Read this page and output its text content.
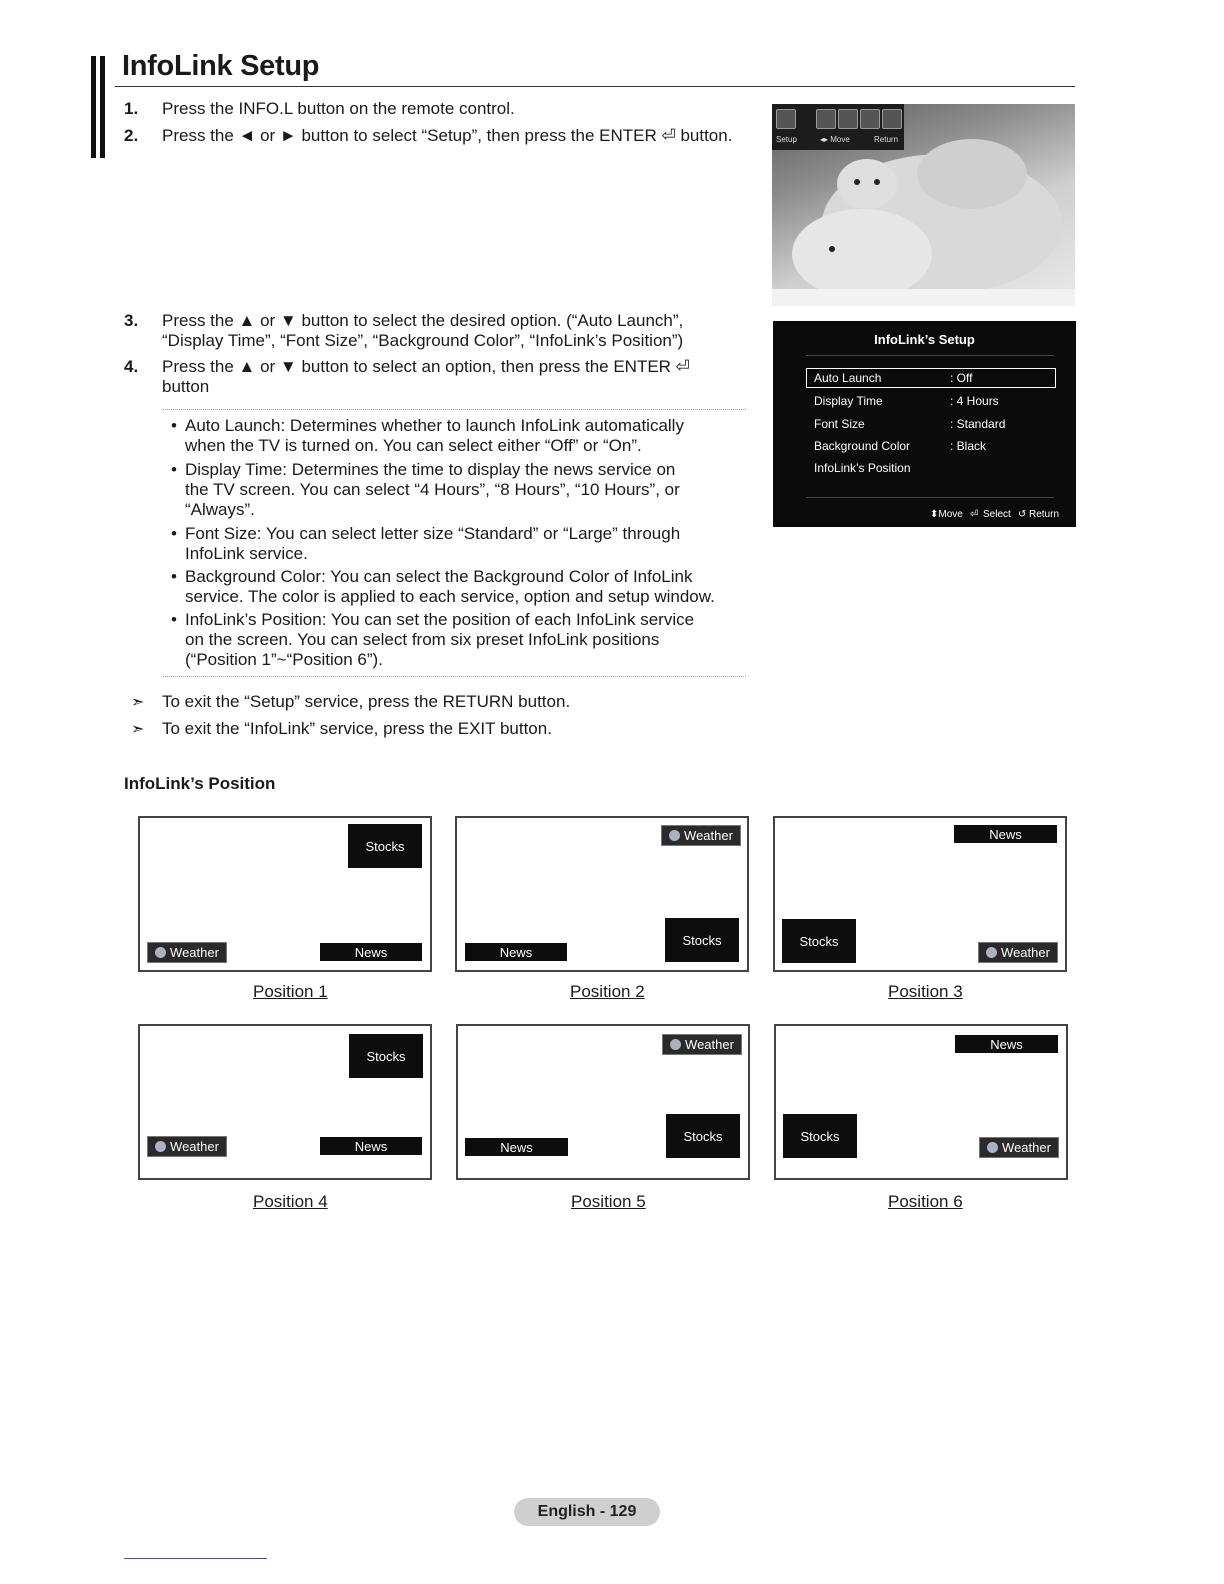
InfoLink Setup
1. Press the INFO.L button on the remote control.
2. Press the ◄ or ► button to select “Setup”, then press the ENTER ⏎ button.
3. Press the ▲ or ▼ button to select the desired option. (“Auto Launch”,
“Display Time”, “Font Size”, “Background Color”, “InfoLink’s Position”)
4. Press the ▲ or ▼ button to select an option, then press the ENTER ⏎
button
• Auto Launch: Determines whether to launch InfoLink automatically
when the TV is turned on. You can select either “Off” or “On”.
• Display Time: Determines the time to display the news service on
the TV screen. You can select “4 Hours”, “8 Hours”, “10 Hours”, or
“Always”.
• Font Size: You can select letter size “Standard” or “Large” through
InfoLink service.
• Background Color: You can select the Background Color of InfoLink
service. The color is applied to each service, option and setup window.
• InfoLink’s Position: You can set the position of each InfoLink service
on the screen. You can select from six preset InfoLink positions
(“Position 1”~“Position 6”).
➣ To exit the “Setup” service, press the RETURN button.
➣ To exit the “InfoLink” service, press the EXIT button.
Setup	◂▸ Move	Return
InfoLink’s Setup
Auto Launch	: Off
Display Time	: 4 Hours
Font Size	: Standard
Background Color	: Black
InfoLink’s Position
⬍Move ⏎ Select ↺ Return
InfoLink’s Position
Stocks
Weather	News
Position 1
Weather
Stocks
News
Position 2
News
Stocks
Weather
Position 3
Stocks
Weather	News
Position 4
Weather
Stocks
News
Position 5
News
Stocks
Weather
Position 6
English - 129
